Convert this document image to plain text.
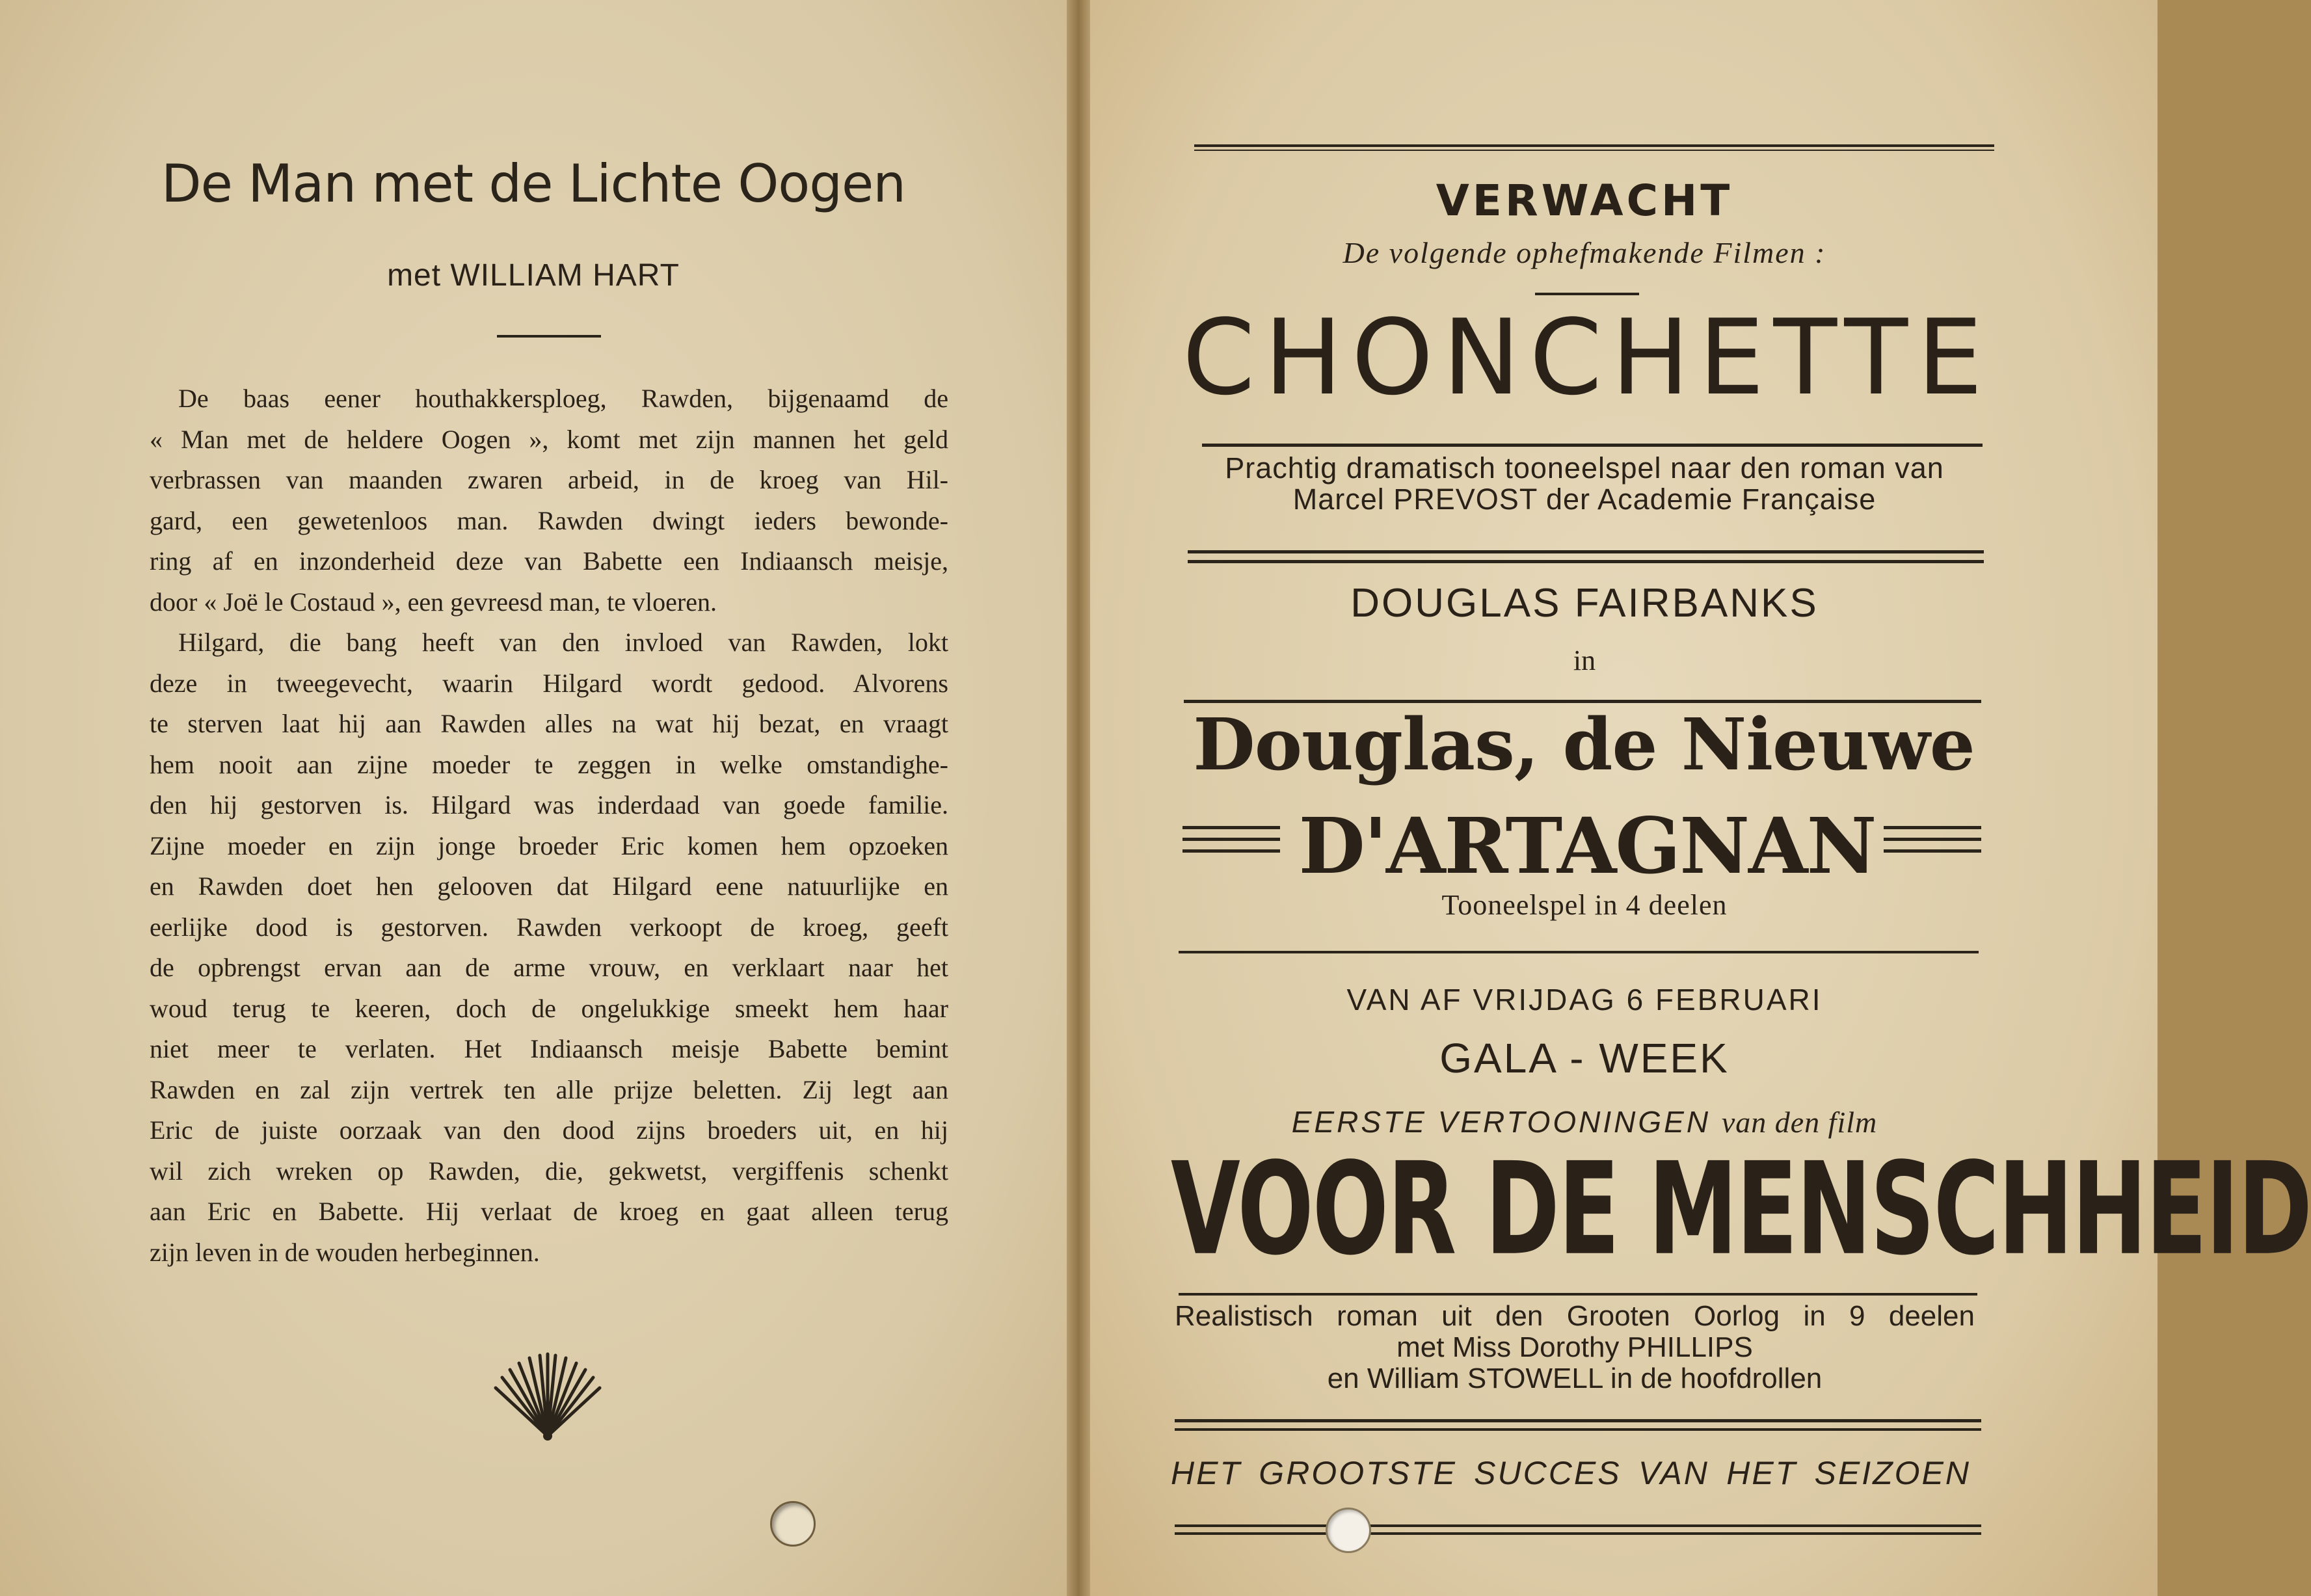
De Man met de Lichte Oogen
met WILLIAM HART
De baas eener houthakkersploeg, Rawden, bijgenaamd de
« Man met de heldere Oogen », komt met zijn mannen het geld
verbrassen van maanden zwaren arbeid, in de kroeg van Hil-
gard, een gewetenloos man. Rawden dwingt ieders bewonde-
ring af en inzonderheid deze van Babette een Indiaansch meisje,
door « Joë le Costaud », een gevreesd man, te vloeren.
Hilgard, die bang heeft van den invloed van Rawden, lokt
deze in tweegevecht, waarin Hilgard wordt gedood. Alvorens
te sterven laat hij aan Rawden alles na wat hij bezat, en vraagt
hem nooit aan zijne moeder te zeggen in welke omstandighe-
den hij gestorven is. Hilgard was inderdaad van goede familie.
Zijne moeder en zijn jonge broeder Eric komen hem opzoeken
en Rawden doet hen gelooven dat Hilgard eene natuurlijke en
eerlijke dood is gestorven. Rawden verkoopt de kroeg, geeft
de opbrengst ervan aan de arme vrouw, en verklaart naar het
woud terug te keeren, doch de ongelukkige smeekt hem haar
niet meer te verlaten. Het Indiaansch meisje Babette bemint
Rawden en zal zijn vertrek ten alle prijze beletten. Zij legt aan
Eric de juiste oorzaak van den dood zijns broeders uit, en hij
wil zich wreken op Rawden, die, gekwetst, vergiffenis schenkt
aan Eric en Babette. Hij verlaat de kroeg en gaat alleen terug
zijn leven in de wouden herbeginnen.
VERWACHT
De volgende ophefmakende Filmen :
CHONCHETTE
Prachtig dramatisch tooneelspel naar den roman van
Marcel PREVOST der Academie Française
DOUGLAS FAIRBANKS
in
Douglas, de Nieuwe
D'ARTAGNAN
Tooneelspel in 4 deelen
VAN AF VRIJDAG 6 FEBRUARI
GALA - WEEK
EERSTE VERTOONINGEN van den film
VOOR DE MENSCHHEID
Realistisch roman uit den Grooten Oorlog in 9 deelen
met Miss Dorothy PHILLIPS
en William STOWELL in de hoofdrollen
HET GROOTSTE SUCCES VAN HET SEIZOEN
